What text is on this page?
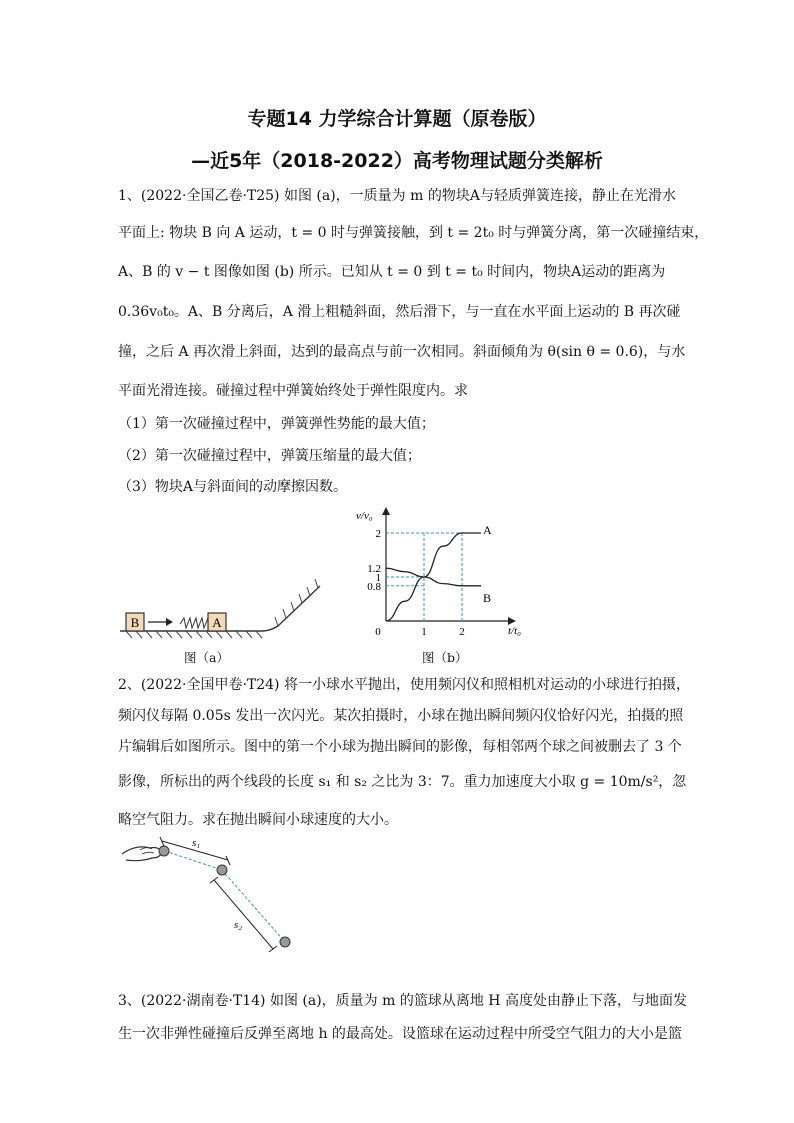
专题14 力学综合计算题（原卷版）
—近5年（2018-2022）高考物理试题分类解析
1、(2022·全国乙卷·T25) 如图 (a)，一质量为 m 的物块A与轻质弹簧连接，静止在光滑水
平面上: 物块 B 向 A 运动，t = 0 时与弹簧接触，到 t = 2t₀ 时与弹簧分离，第一次碰撞结束，
A、B 的 v − t 图像如图 (b) 所示。已知从 t = 0 到 t = t₀ 时间内，物块A运动的距离为
0.36v₀t₀。A、B 分离后，A 滑上粗糙斜面，然后滑下，与一直在水平面上运动的 B 再次碰
撞，之后 A 再次滑上斜面，达到的最高点与前一次相同。斜面倾角为 θ(sin θ = 0.6)，与水
平面光滑连接。碰撞过程中弹簧始终处于弹性限度内。求
（1）第一次碰撞过程中，弹簧弹性势能的最大值；
（2）第一次碰撞过程中，弹簧压缩量的最大值；
（3）物块A与斜面间的动摩擦因数。
B	A
图（a）
v/v₀
t/t₀
2
1.2
1
0.8
0	1	2
A
B
图（b）
2、(2022·全国甲卷·T24) 将一小球水平抛出，使用频闪仪和照相机对运动的小球进行拍摄，
频闪仪每隔 0.05s 发出一次闪光。某次拍摄时，小球在抛出瞬间频闪仪恰好闪光，拍摄的照
片编辑后如图所示。图中的第一个小球为抛出瞬间的影像，每相邻两个球之间被删去了 3 个
影像，所标出的两个线段的长度 s₁ 和 s₂ 之比为 3：7。重力加速度大小取 g = 10m/s²，忽
略空气阻力。求在抛出瞬间小球速度的大小。
s₁
s₂
3、(2022·湖南卷·T14) 如图 (a)，质量为 m 的篮球从离地 H 高度处由静止下落，与地面发
生一次非弹性碰撞后反弹至离地 h 的最高处。设篮球在运动过程中所受空气阻力的大小是篮
